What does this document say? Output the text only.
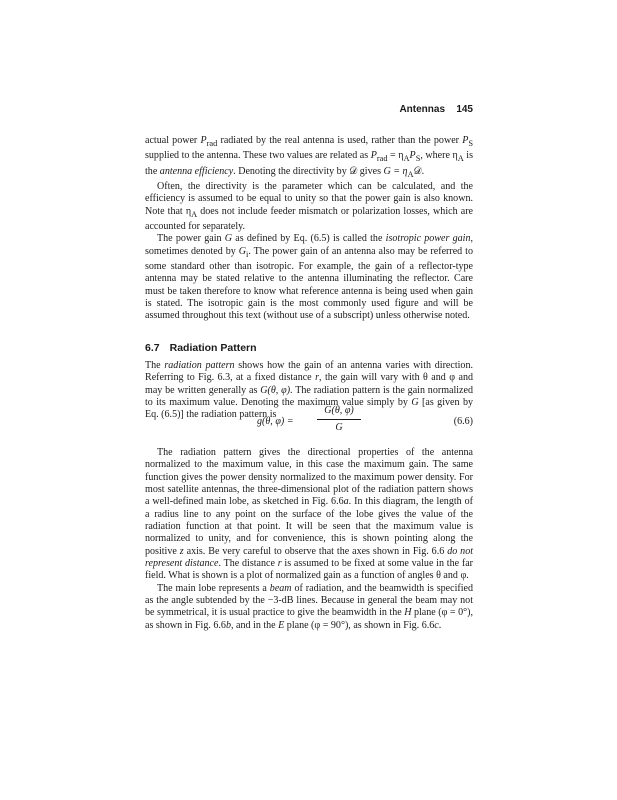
Antennas 145

actual power $P_{rad}$ radiated by the real antenna is used, rather than the power $P_S$ supplied to the antenna. These two values are related as $P_{rad} = \eta_AP_S$, where $\eta_A$ is the antenna efficiency. Denoting the directivity by 𝒟 gives $G = \eta_A𝒟$.

Often, the directivity is the parameter which can be calculated, and the efficiency is assumed to be equal to unity so that the power gain is also known. Note that $\eta_A$ does not include feeder mismatch or polarization losses, which are accounted for separately.

The power gain G as defined by Eq. (6.5) is called the isotropic power gain, sometimes denoted by $G_i$. The power gain of an antenna also may be referred to some standard other than isotropic. For example, the gain of a reflector-type antenna may be stated relative to the antenna illuminating the reflector. Care must be taken therefore to know what reference antenna is being used when gain is stated. The isotropic gain is the most commonly used figure and will be assumed throughout this text (without use of a subscript) unless otherwise noted.

6.7 Radiation Pattern

The radiation pattern shows how the gain of an antenna varies with direction. Referring to Fig. 6.3, at a fixed distance r, the gain will vary with θ and φ and may be written generally as G(θ, φ). The radiation pattern is the gain normalized to its maximum value. Denoting the maximum value simply by G [as given by Eq. (6.5)] the radiation pattern is

g(θ, φ) =
G(θ, φ)
G
(6.6)

The radiation pattern gives the directional properties of the antenna normalized to the maximum value, in this case the maximum gain. The same function gives the power density normalized to the maximum power density. For most satellite antennas, the three-dimensional plot of the radiation pattern shows a well-defined main lobe, as sketched in Fig. 6.6a. In this diagram, the length of a radius line to any point on the surface of the lobe gives the value of the radiation function at that point. It will be seen that the maximum value is normalized to unity, and for convenience, this is shown pointing along the positive z axis. Be very careful to observe that the axes shown in Fig. 6.6 do not represent distance. The distance r is assumed to be fixed at some value in the far field. What is shown is a plot of normalized gain as a function of angles θ and φ.

The main lobe represents a beam of radiation, and the beamwidth is specified as the angle subtended by the −3-dB lines. Because in general the beam may not be symmetrical, it is usual practice to give the beamwidth in the H plane (φ = 0°), as shown in Fig. 6.6b, and in the E plane (φ = 90°), as shown in Fig. 6.6c.
